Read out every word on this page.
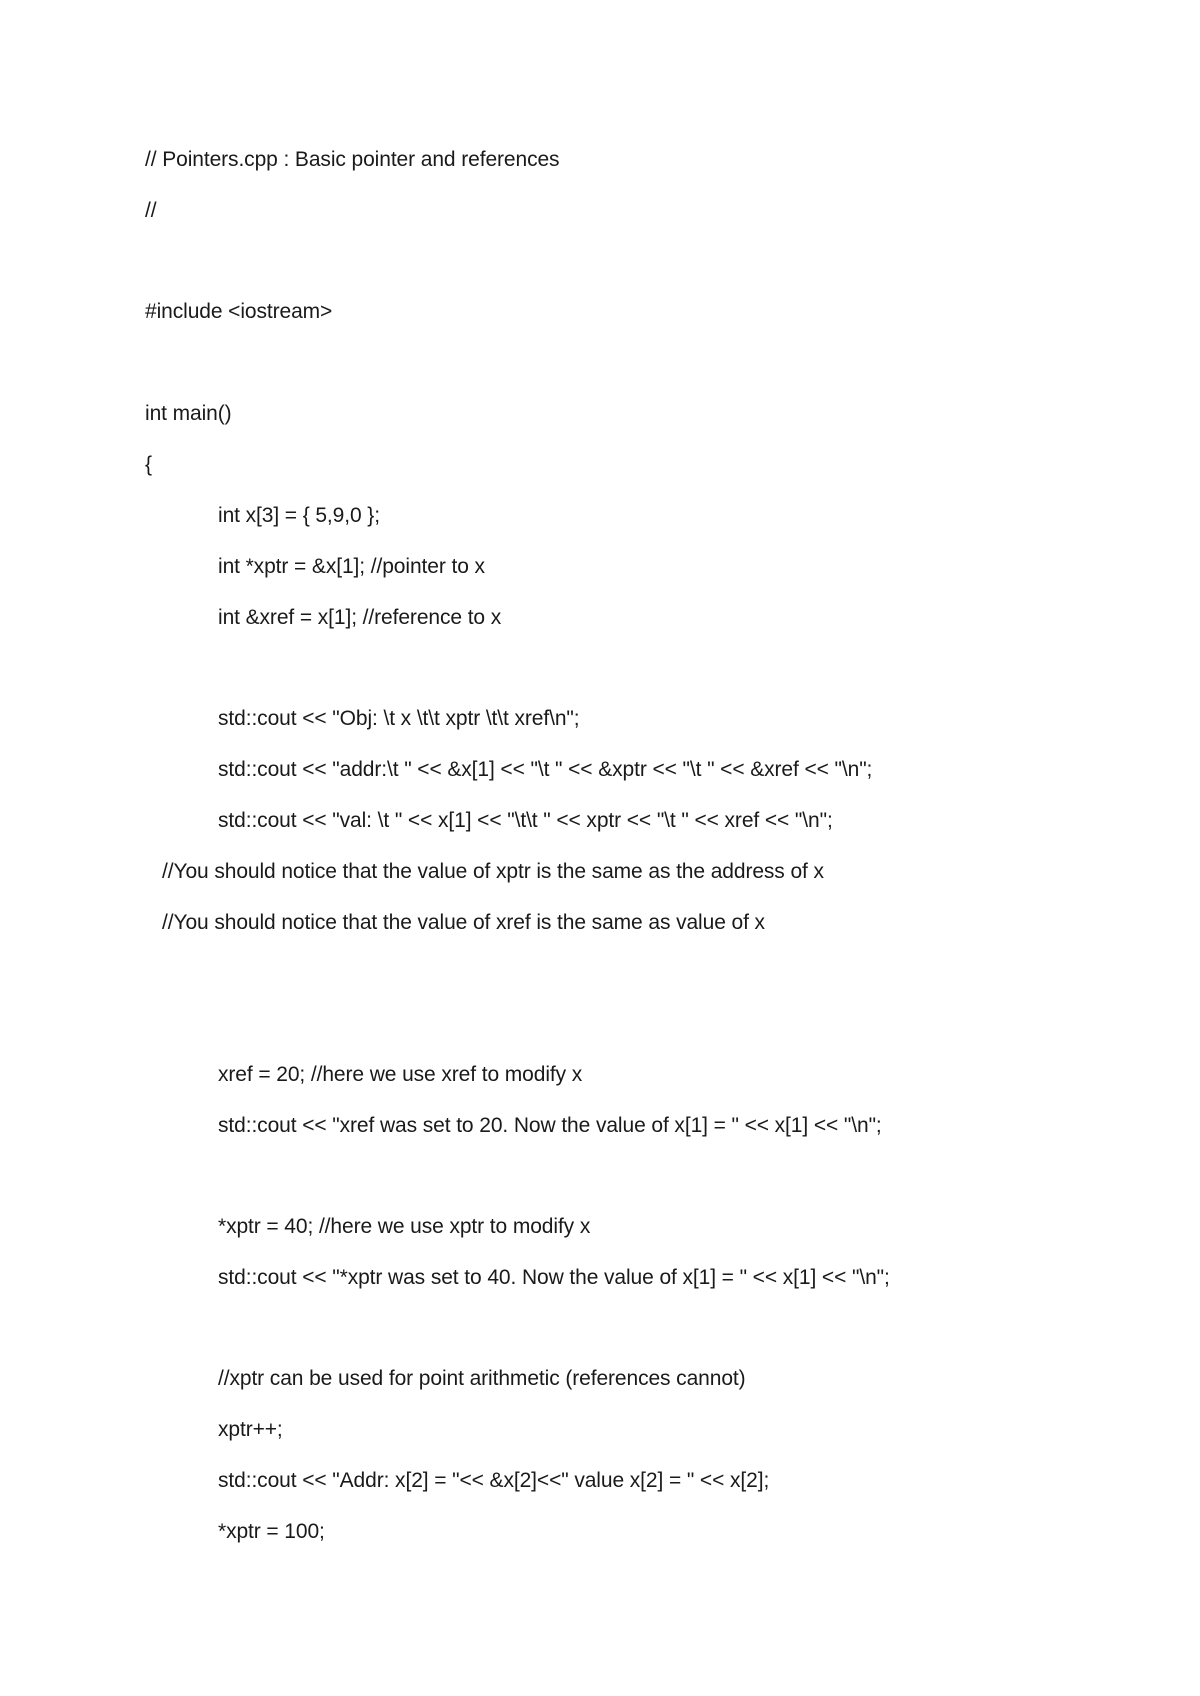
// Pointers.cpp : Basic pointer and references

//

#include <iostream>

int main()

{

int x[3] = { 5,9,0 };

int *xptr = &x[1]; //pointer to x

int &xref = x[1]; //reference to x

std::cout << "Obj: \t x \t\t xptr \t\t xref\n";

std::cout << "addr:\t " << &x[1] << "\t " << &xptr << "\t " << &xref << "\n";

std::cout << "val: \t " << x[1] << "\t\t " << xptr << "\t " << xref << "\n";

//You should notice that the value of xptr is the same as the address of x

//You should notice that the value of xref is the same as value of x

xref = 20; //here we use xref to modify x

std::cout << "xref was set to 20. Now the value of x[1] = " << x[1] << "\n";

*xptr = 40; //here we use xptr to modify x

std::cout << "*xptr was set to 40. Now the value of x[1] = " << x[1] << "\n";

//xptr can be used for point arithmetic (references cannot)

xptr++;

std::cout << "Addr: x[2] = "<< &x[2]<<" value x[2] = " << x[2];

*xptr = 100;
